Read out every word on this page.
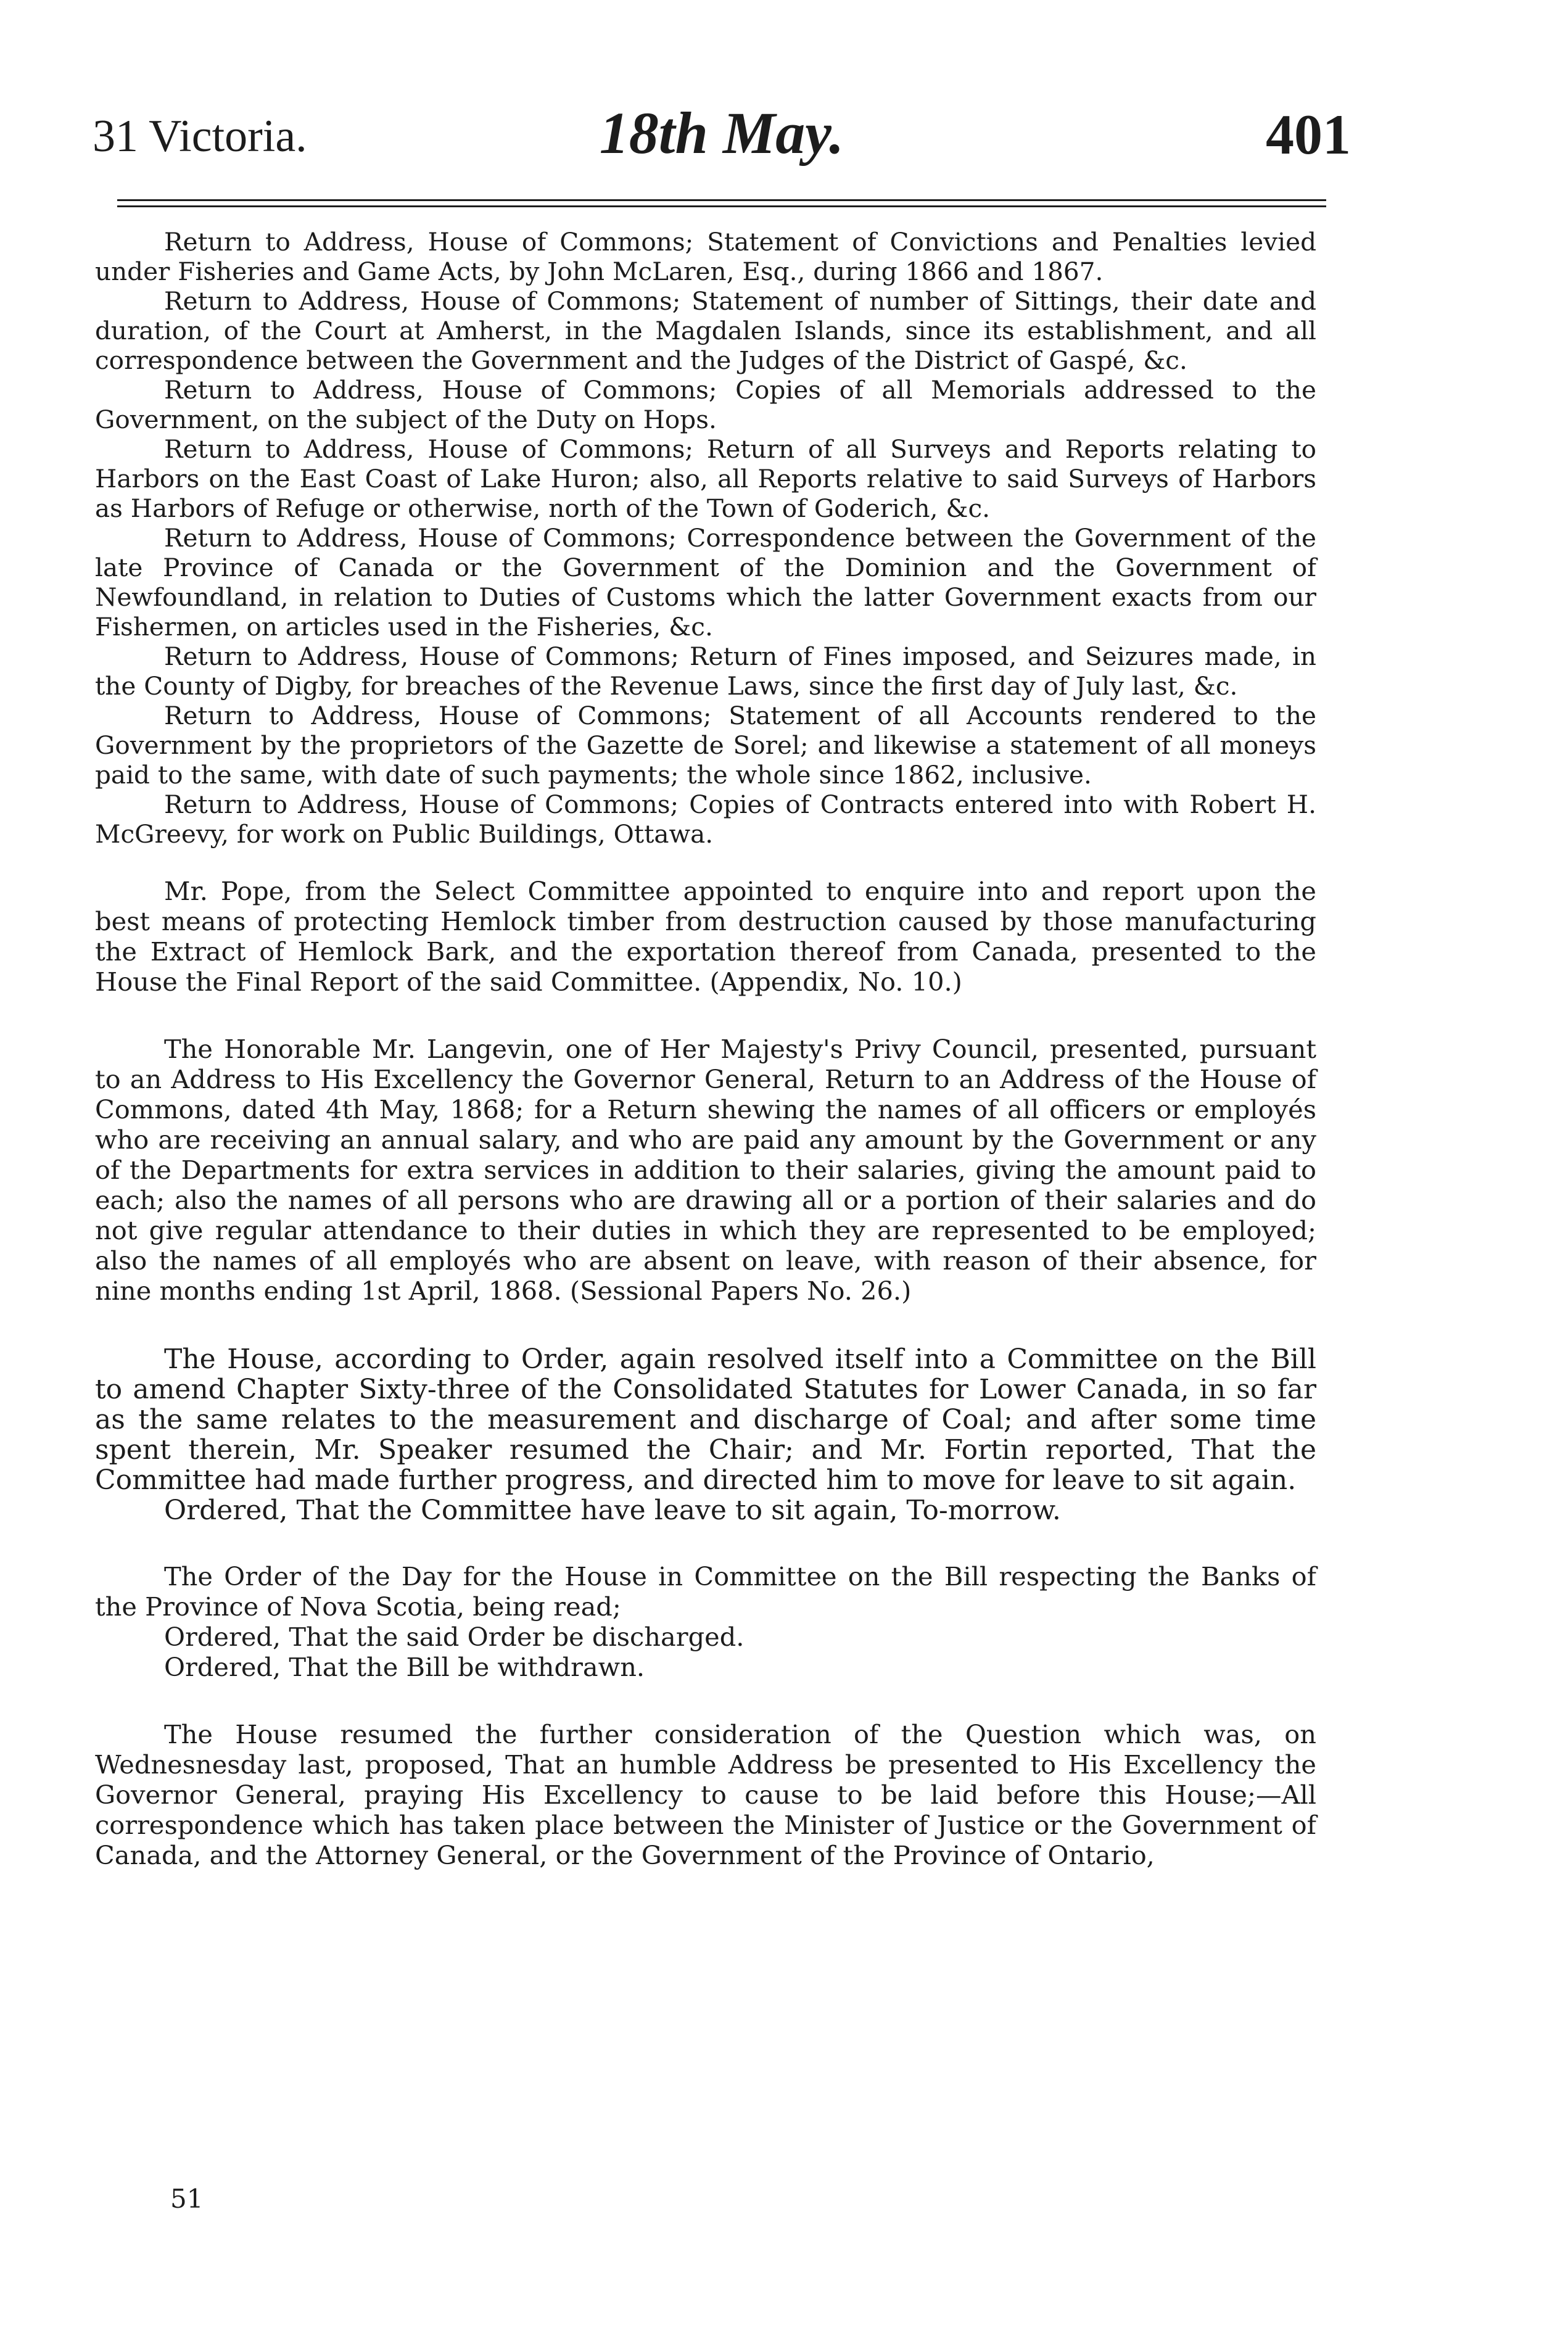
31 Victoria.	18th May.	401

Return to Address, House of Commons; Statement of Convictions and Penalties levied under Fisheries and Game Acts, by John McLaren, Esq., during 1866 and 1867.

Return to Address, House of Commons; Statement of number of Sittings, their date and duration, of the Court at Amherst, in the Magdalen Islands, since its establishment, and all correspondence between the Government and the Judges of the District of Gaspé, &c.

Return to Address, House of Commons; Copies of all Memorials addressed to the Government, on the subject of the Duty on Hops.

Return to Address, House of Commons; Return of all Surveys and Reports relating to Harbors on the East Coast of Lake Huron; also, all Reports relative to said Surveys of Harbors as Harbors of Refuge or otherwise, north of the Town of Goderich, &c.

Return to Address, House of Commons; Correspondence between the Government of the late Province of Canada or the Government of the Dominion and the Government of Newfoundland, in relation to Duties of Customs which the latter Government exacts from our Fishermen, on articles used in the Fisheries, &c.

Return to Address, House of Commons; Return of Fines imposed, and Seizures made, in the County of Digby, for breaches of the Revenue Laws, since the first day of July last, &c.

Return to Address, House of Commons; Statement of all Accounts rendered to the Government by the proprietors of the Gazette de Sorel; and likewise a statement of all moneys paid to the same, with date of such payments; the whole since 1862, inclusive.

Return to Address, House of Commons; Copies of Contracts entered into with Robert H. McGreevy, for work on Public Buildings, Ottawa.

Mr. Pope, from the Select Committee appointed to enquire into and report upon the best means of protecting Hemlock timber from destruction caused by those manufacturing the Extract of Hemlock Bark, and the exportation thereof from Canada, presented to the House the Final Report of the said Committee. (Appendix, No. 10.)

The Honorable Mr. Langevin, one of Her Majesty's Privy Council, presented, pursuant to an Address to His Excellency the Governor General, Return to an Address of the House of Commons, dated 4th May, 1868; for a Return shewing the names of all officers or employés who are receiving an annual salary, and who are paid any amount by the Government or any of the Departments for extra services in addition to their salaries, giving the amount paid to each; also the names of all persons who are drawing all or a portion of their salaries and do not give regular attendance to their duties in which they are represented to be employed; also the names of all employés who are absent on leave, with reason of their absence, for nine months ending 1st April, 1868. (Sessional Papers No. 26.)

The House, according to Order, again resolved itself into a Committee on the Bill to amend Chapter Sixty-three of the Consolidated Statutes for Lower Canada, in so far as the same relates to the measurement and discharge of Coal; and after some time spent therein, Mr. Speaker resumed the Chair; and Mr. Fortin reported, That the Committee had made further progress, and directed him to move for leave to sit again.

Ordered, That the Committee have leave to sit again, To-morrow.

The Order of the Day for the House in Committee on the Bill respecting the Banks of the Province of Nova Scotia, being read;

Ordered, That the said Order be discharged.

Ordered, That the Bill be withdrawn.

The House resumed the further consideration of the Question which was, on Wednesnesday last, proposed, That an humble Address be presented to His Excellency the Governor General, praying His Excellency to cause to be laid before this House;—All correspondence which has taken place between the Minister of Justice or the Government of Canada, and the Attorney General, or the Government of the Province of Ontario,

51
